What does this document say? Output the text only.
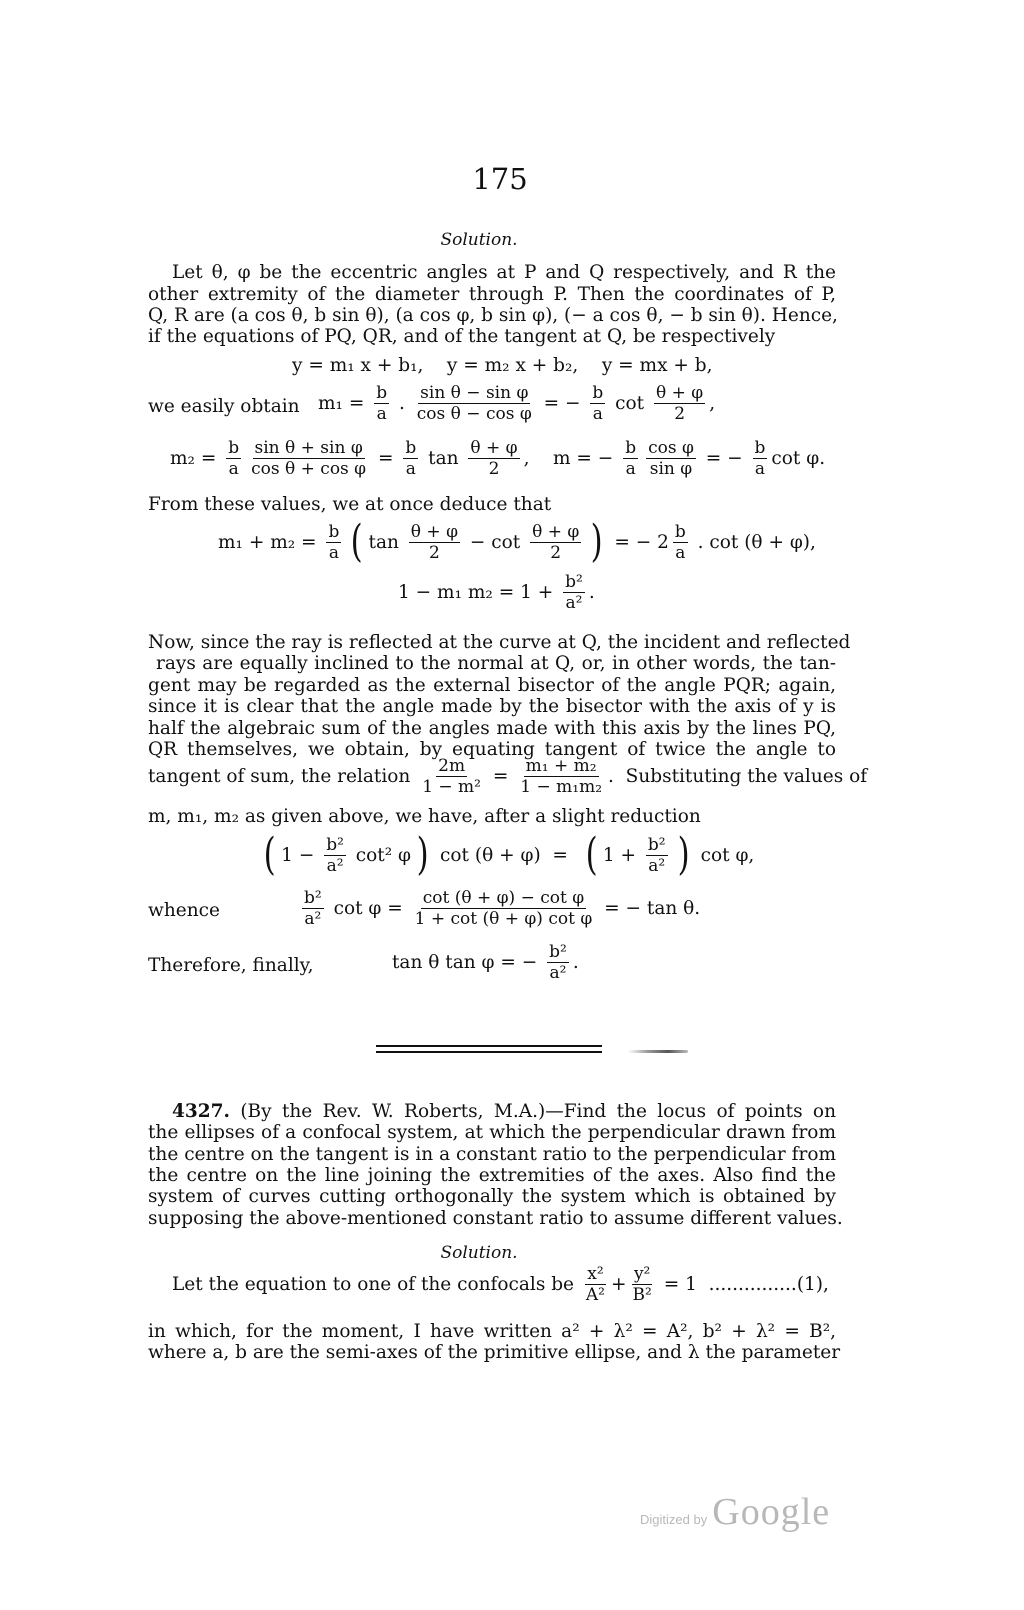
175
Solution.
Let θ, φ be the eccentric angles at P and Q respectively, and R the
other extremity of the diameter through P. Then the coordinates of P,
Q, R are (a cos θ, b sin θ), (a cos φ, b sin φ), (− a cos θ, − b sin θ). Hence,
if the equations of PQ, QR, and of the tangent at Q, be respectively
y = m₁ x + b₁,    y = m₂ x + b₂,    y = mx + b,
we easily obtain $m_1 = \frac{b}{a}$ . $\frac{\text{sin θ − sin φ}}{\text{cos θ − cos φ}}$ = − $\frac{b}{a}$ $\cot \frac{\theta + \varphi}{2}$ ,
$m_2 = \frac{b}{a} \frac{\text{sin θ + sin φ}}{\text{cos θ + cos φ}} = \frac{b}{a}$ $\tan \frac{\theta + \varphi}{2}$ ,    m = − $\frac{b}{a} \frac{\text{cos φ}}{\text{sin φ}}$ = − $\frac{b}{a}$ cot φ.
From these values, we at once deduce that
$m_1 + m_2 = \frac{b}{a}$ ( $\tan \frac{\theta + \varphi}{2} - \cot \frac{\theta + \varphi}{2}$ ) = − $2 \frac{b}{a}$ . cot (θ + φ),
1 − m₁ $m_2 = 1 + \frac{\text{b²}}{\text{a²}}$ .
Now, since the ray is reflected at the curve at Q, the incident and reflected
rays are equally inclined to the normal at Q, or, in other words, the tan-
gent may be regarded as the external bisector of the angle PQR; again,
since it is clear that the angle made by the bisector with the axis of y is
half the algebraic sum of the angles made with this axis by the lines PQ,
QR themselves, we obtain, by equating tangent of twice the angle to
tangent of sum, the relation $\frac{2m}{\text{1 − m²}} = \frac{\text{m₁ + m₂}}{\text{1 − m₁m₂}}$ .  Substituting the values of
m, m₁, m₂ as given above, we have, after a slight reduction
( $1 - \frac{\text{b²}}{\text{a²}} \cot^2$ φ ) cot (θ + φ)  = ( $1 + \frac{\text{b²}}{\text{a²}}$ ) cot φ,
whence	$\frac{\text{b²}}{\text{a²}}$ $\cot \varphi = \frac{\text{cot (θ + φ) − cot φ}}{\text{1 + cot (θ + φ) cot φ}}$ = − tan θ.
Therefore, finally,	tan θ tan φ = − $\frac{\text{b²}}{\text{a²}}$ .
4327. (By the Rev. W. Roberts, M.A.)—Find the locus of points on
the ellipses of a confocal system, at which the perpendicular drawn from
the centre on the tangent is in a constant ratio to the perpendicular from
the centre on the line joining the extremities of the axes. Also find the
system of curves cutting orthogonally the system which is obtained by
supposing the above-mentioned constant ratio to assume different values.
Solution.
Let the equation to one of the confocals be $\frac{\text{x²}}{\text{A²}} + \frac{\text{y²}}{\text{B²}} = 1$  ...............(1),
in which, for the moment, I have written a² + λ² = A², b² + λ² = B²,
where a, b are the semi-axes of the primitive ellipse, and λ the parameter
Digitized by Google
